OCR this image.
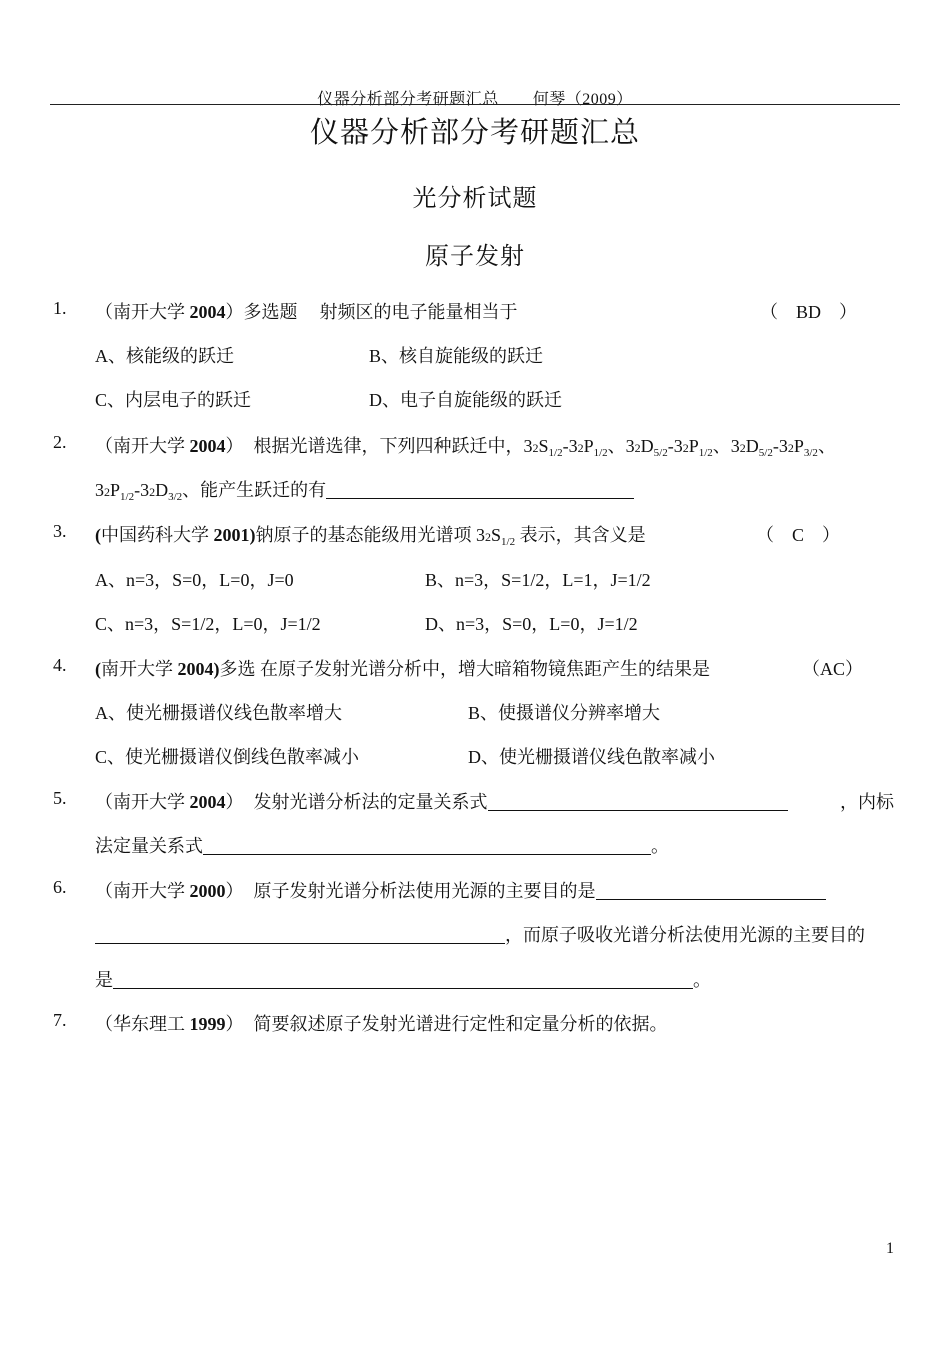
仪器分析部分考研题汇总 何琴（2009）
仪器分析部分考研题汇总
光分析试题
原子发射
1. （南开大学 2004）多选题 射频区的电子能量相当于	（    BD    ）
A、核能级的跃迁	B、核自旋能级的跃迁
C、内层电子的跃迁	D、电子自旋能级的跃迁
2. （南开大学 2004） 根据光谱选律，下列四种跃迁中，$32S_{1/2}-32P_{1/2}$、$32D_{5/2}-32P_{1/2}$、$32D_{5/2}-32P_{3/2}$、
$32P_{1/2}-32D_{3/2}$、能产生跃迁的有
3. (中国药科大学 2001)钠原子的基态能级用光谱项 $32S_{1/2}$ 表示，其含义是	（    C    ）
A、n=3，S=0，L=0，J=0	B、n=3，S=1/2，L=1，J=1/2
C、n=3，S=1/2，L=0，J=1/2	D、n=3，S=0，L=0，J=1/2
4. (南开大学 2004)多选 在原子发射光谱分析中，增大暗箱物镜焦距产生的结果是	（AC）
A、使光栅摄谱仪线色散率增大	B、使摄谱仪分辨率增大
C、使光栅摄谱仪倒线色散率减小	D、使光栅摄谱仪线色散率减小
5. （南开大学 2004） 发射光谱分析法的定量关系式	，内标
法定量关系式	。
6. （南开大学 2000） 原子发射光谱分析法使用光源的主要目的是
，而原子吸收光谱分析法使用光源的主要目的
是	。
7. （华东理工 1999） 简要叙述原子发射光谱进行定性和定量分析的依据。
1
